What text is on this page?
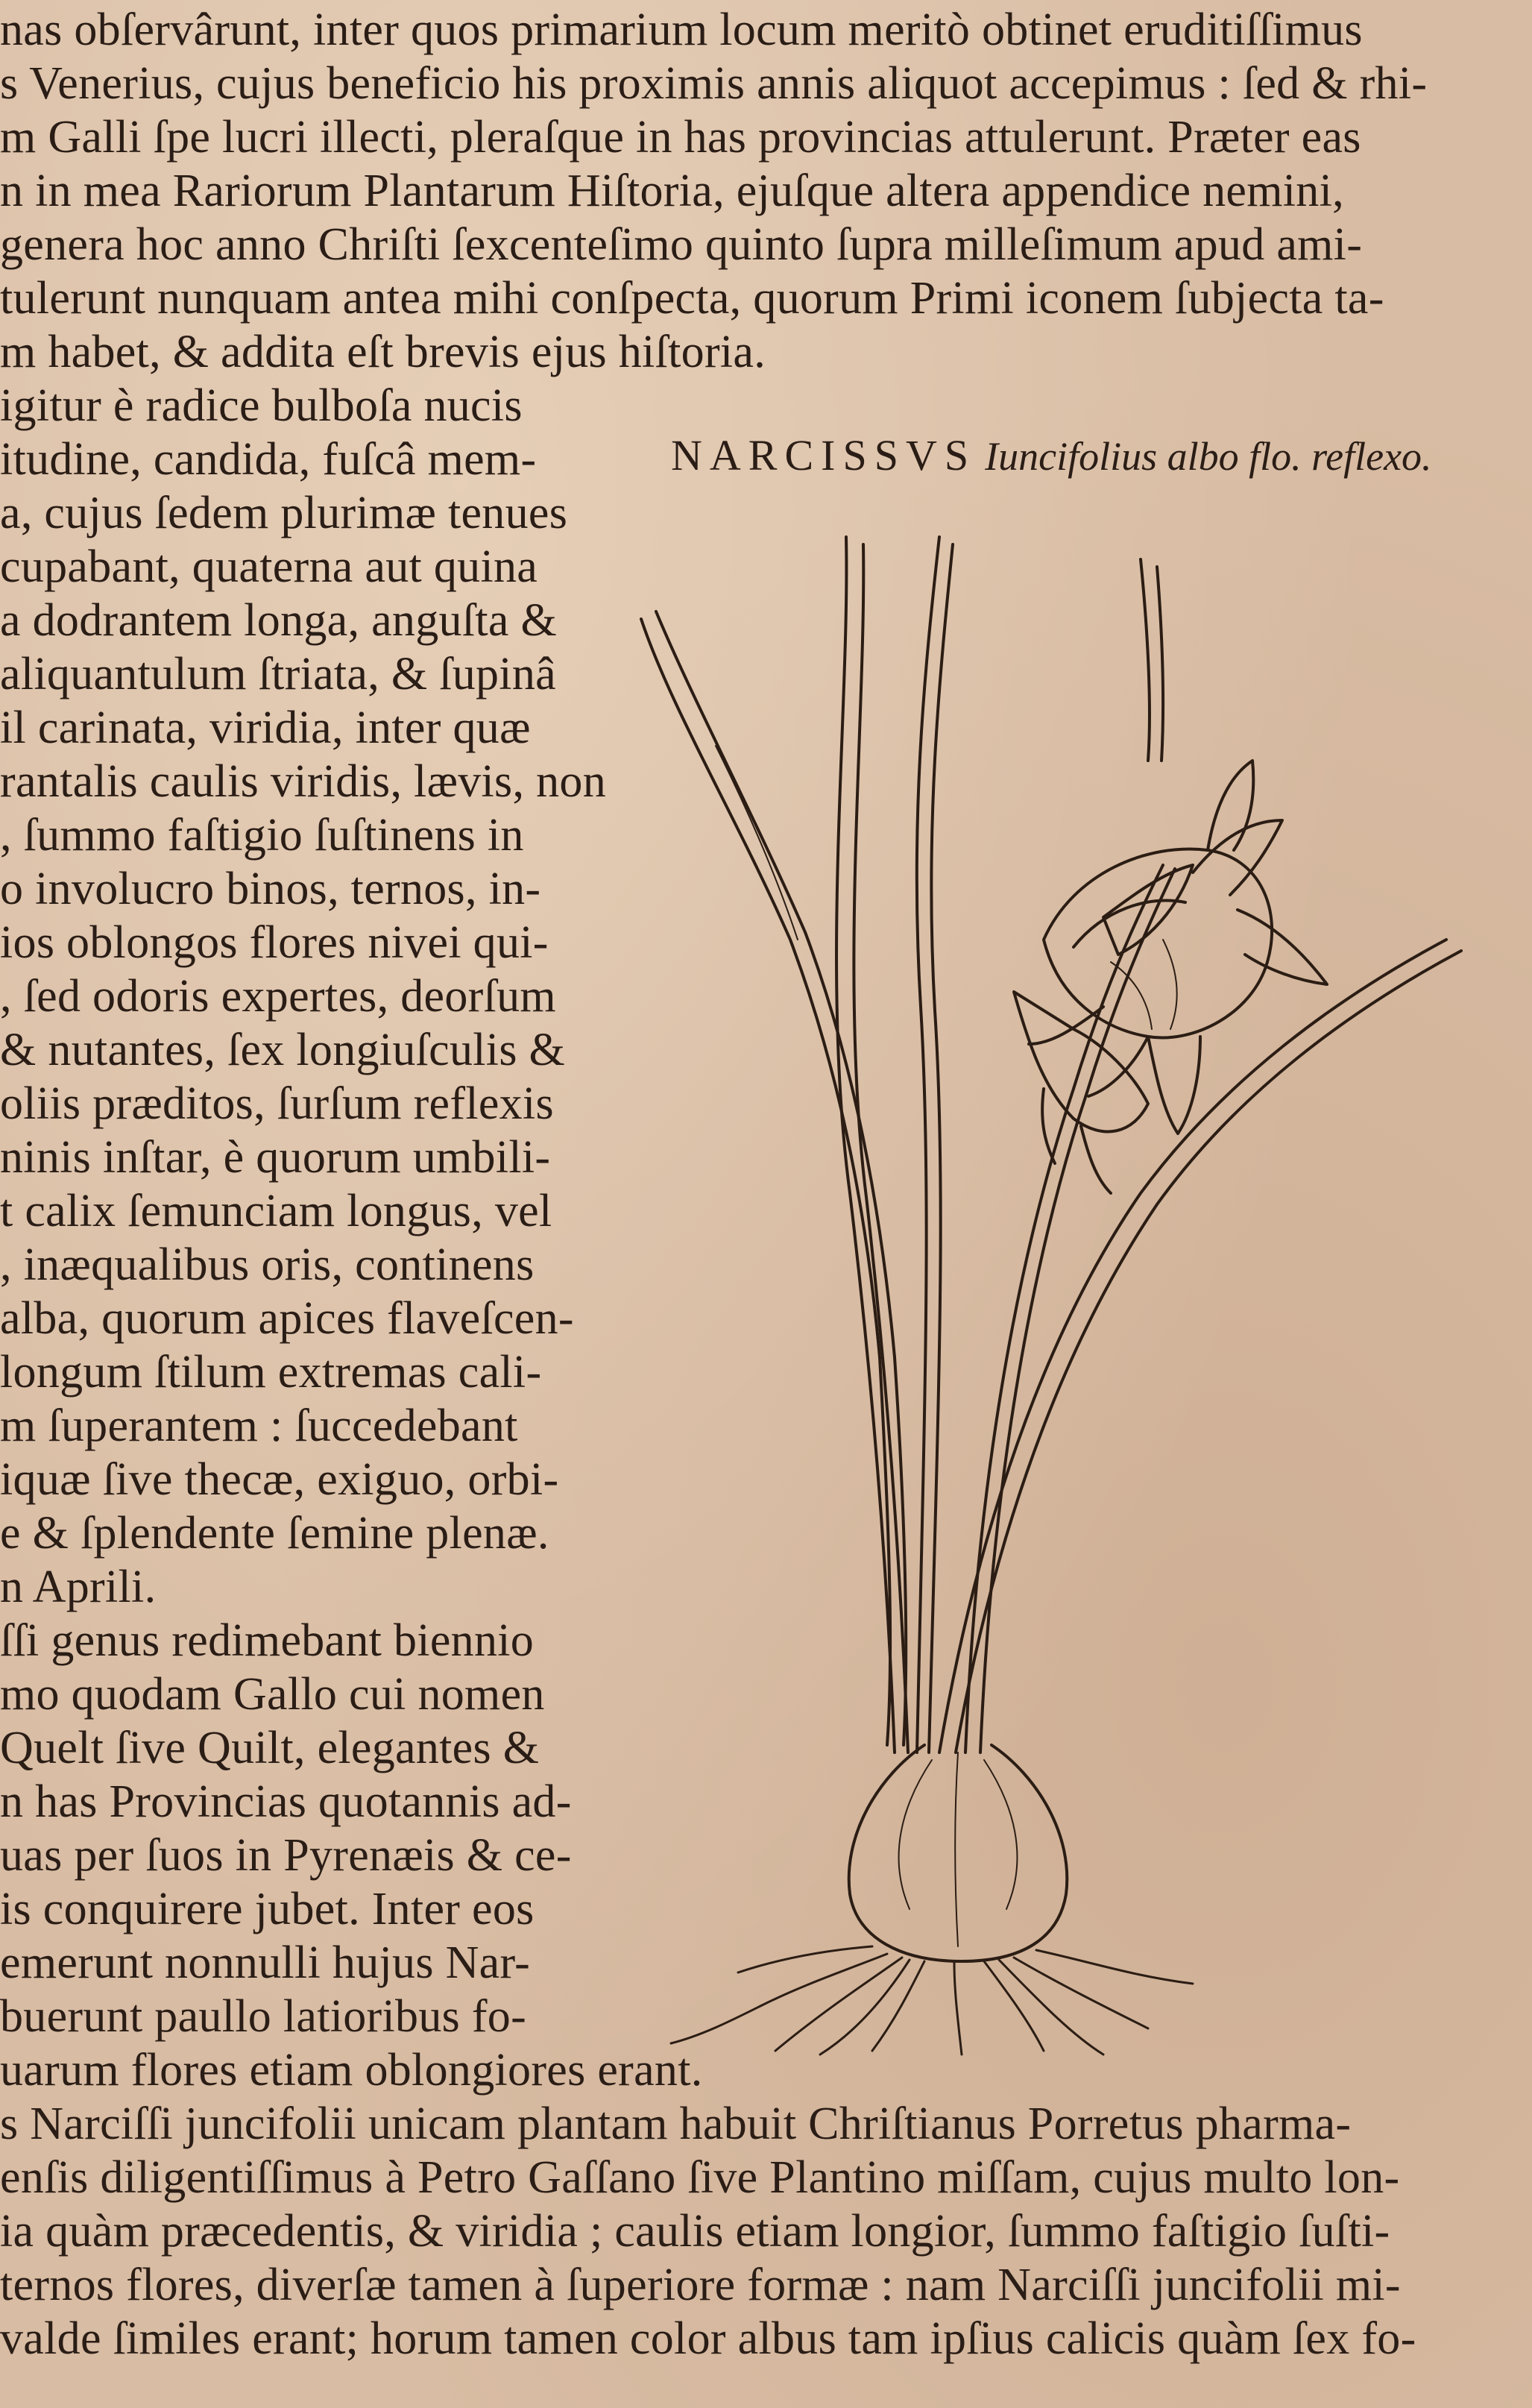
nas obſervârunt, inter quos primarium locum meritò obtinet eruditiſſimus

s Venerius, cujus beneficio his proximis annis aliquot accepimus : ſed & rhi-

m Galli ſpe lucri illecti, pleraſque in has provincias attulerunt. Præter eas

n in mea Rariorum Plantarum Hiſtoria, ejuſque altera appendice nemini,

genera hoc anno Chriſti ſexcenteſimo quinto ſupra milleſimum apud ami-

tulerunt nunquam antea mihi conſpecta, quorum Primi iconem ſubjecta ta-

m habet, & addita eſt brevis ejus hiſtoria.

NARCISSVS Iuncifolius albo flo. reflexo.

igitur è radice bulboſa nucis

itudine, candida, fuſcâ mem-

a, cujus ſedem plurimæ tenues

cupabant, quaterna aut quina

a dodrantem longa, anguſta &

aliquantulum ſtriata, & ſupinâ

il carinata, viridia, inter quæ

rantalis caulis viridis, lævis, non

, ſummo faſtigio ſuſtinens in

o involucro binos, ternos, in-

ios oblongos flores nivei qui-

, ſed odoris expertes, deorſum

& nutantes, ſex longiuſculis &

oliis præditos, ſurſum reflexis

ninis inſtar, è quorum umbili-

t calix ſemunciam longus, vel

, inæqualibus oris, continens

alba, quorum apices flaveſcen-

longum ſtilum extremas cali-

m ſuperantem : ſuccedebant

iquæ ſive thecæ, exiguo, orbi-

e & ſplendente ſemine plenæ.

n Aprili.

ſſi genus redimebant biennio

mo quodam Gallo cui nomen

Quelt ſive Quilt, elegantes &

n has Provincias quotannis ad-

uas per ſuos in Pyrenæis & ce-

is conquirere jubet. Inter eos

emerunt nonnulli hujus Nar-

buerunt paullo latioribus fo-

uarum flores etiam oblongiores erant.

s Narciſſi juncifolii unicam plantam habuit Chriſtianus Porretus pharma-

enſis diligentiſſimus à Petro Gaſſano ſive Plantino miſſam, cujus multo lon-

ia quàm præcedentis, & viridia ; caulis etiam longior, ſummo faſtigio ſuſti-

ternos flores, diverſæ tamen à ſuperiore formæ : nam Narciſſi juncifolii mi-

valde ſimiles erant; horum tamen color albus tam ipſius calicis quàm ſex fo-
